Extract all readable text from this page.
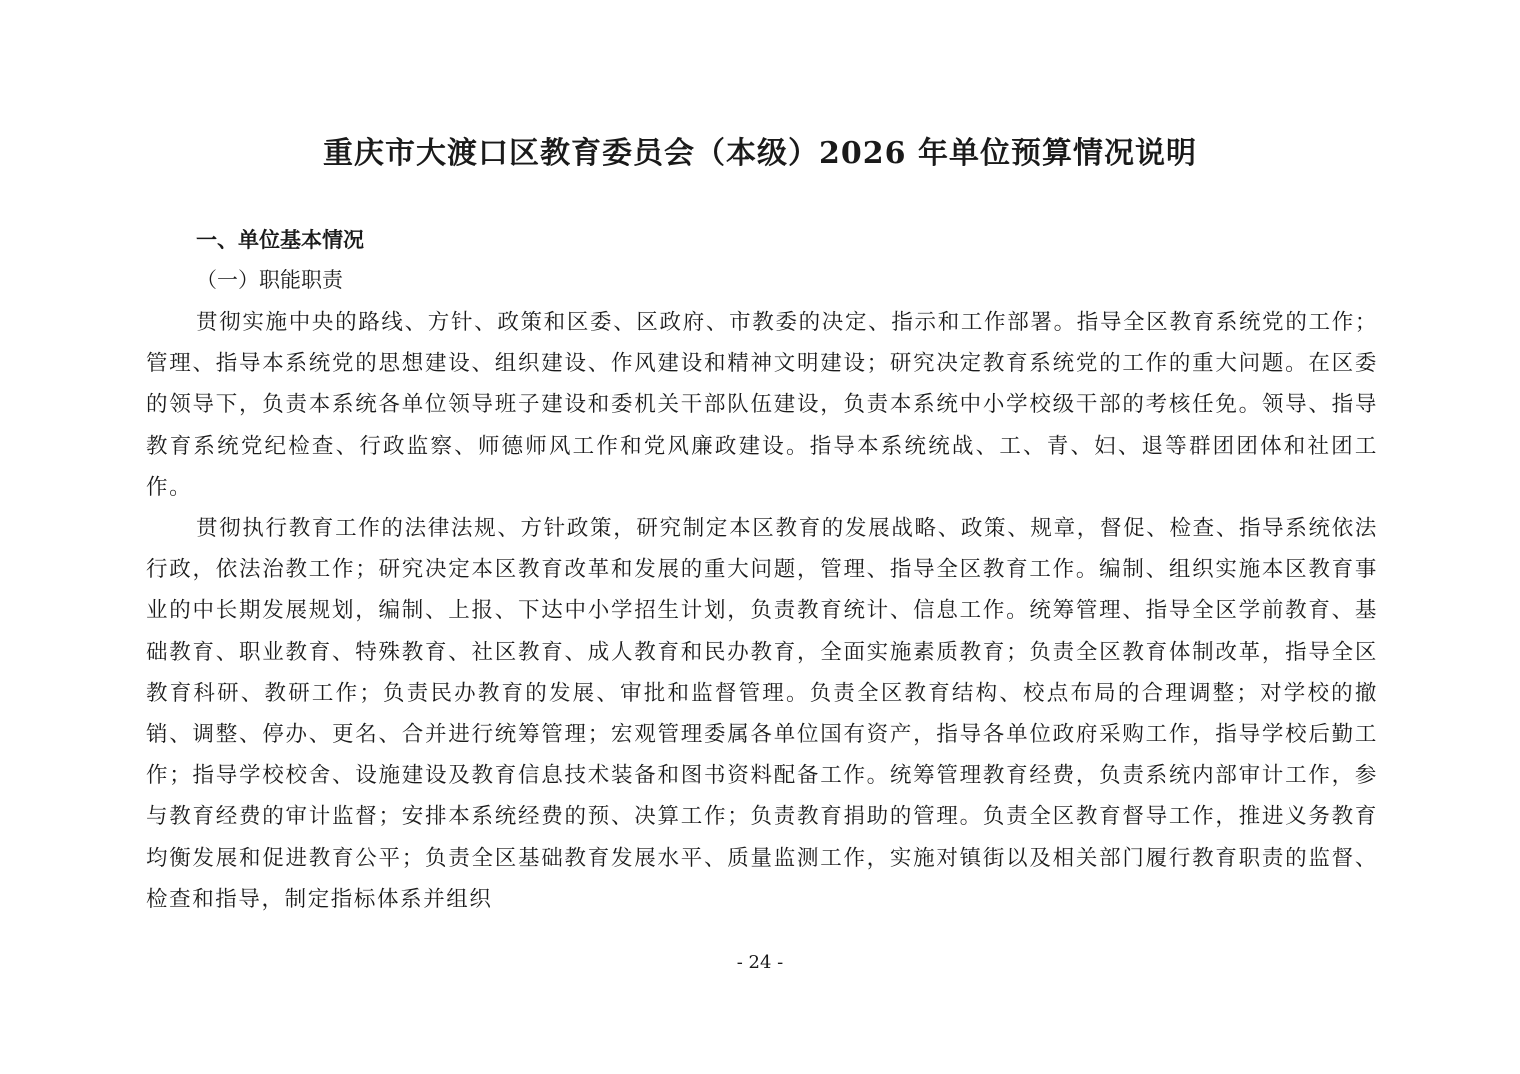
重庆市大渡口区教育委员会（本级）2026 年单位预算情况说明

一、单位基本情况

（一）职能职责

贯彻实施中央的路线、方针、政策和区委、区政府、市教委的决定、指示和工作部署。指导全区教育系统党的工作；管理、指导本系统党的思想建设、组织建设、作风建设和精神文明建设；研究决定教育系统党的工作的重大问题。在区委的领导下，负责本系统各单位领导班子建设和委机关干部队伍建设，负责本系统中小学校级干部的考核任免。领导、指导教育系统党纪检查、行政监察、师德师风工作和党风廉政建设。指导本系统统战、工、青、妇、退等群团团体和社团工作。

贯彻执行教育工作的法律法规、方针政策，研究制定本区教育的发展战略、政策、规章，督促、检查、指导系统依法行政，依法治教工作；研究决定本区教育改革和发展的重大问题，管理、指导全区教育工作。编制、组织实施本区教育事业的中长期发展规划，编制、上报、下达中小学招生计划，负责教育统计、信息工作。统筹管理、指导全区学前教育、基础教育、职业教育、特殊教育、社区教育、成人教育和民办教育，全面实施素质教育；负责全区教育体制改革，指导全区教育科研、教研工作；负责民办教育的发展、审批和监督管理。负责全区教育结构、校点布局的合理调整；对学校的撤销、调整、停办、更名、合并进行统筹管理；宏观管理委属各单位国有资产，指导各单位政府采购工作，指导学校后勤工作；指导学校校舍、设施建设及教育信息技术装备和图书资料配备工作。统筹管理教育经费，负责系统内部审计工作，参与教育经费的审计监督；安排本系统经费的预、决算工作；负责教育捐助的管理。负责全区教育督导工作，推进义务教育均衡发展和促进教育公平；负责全区基础教育发展水平、质量监测工作，实施对镇街以及相关部门履行教育职责的监督、检查和指导，制定指标体系并组织

- 24 -
